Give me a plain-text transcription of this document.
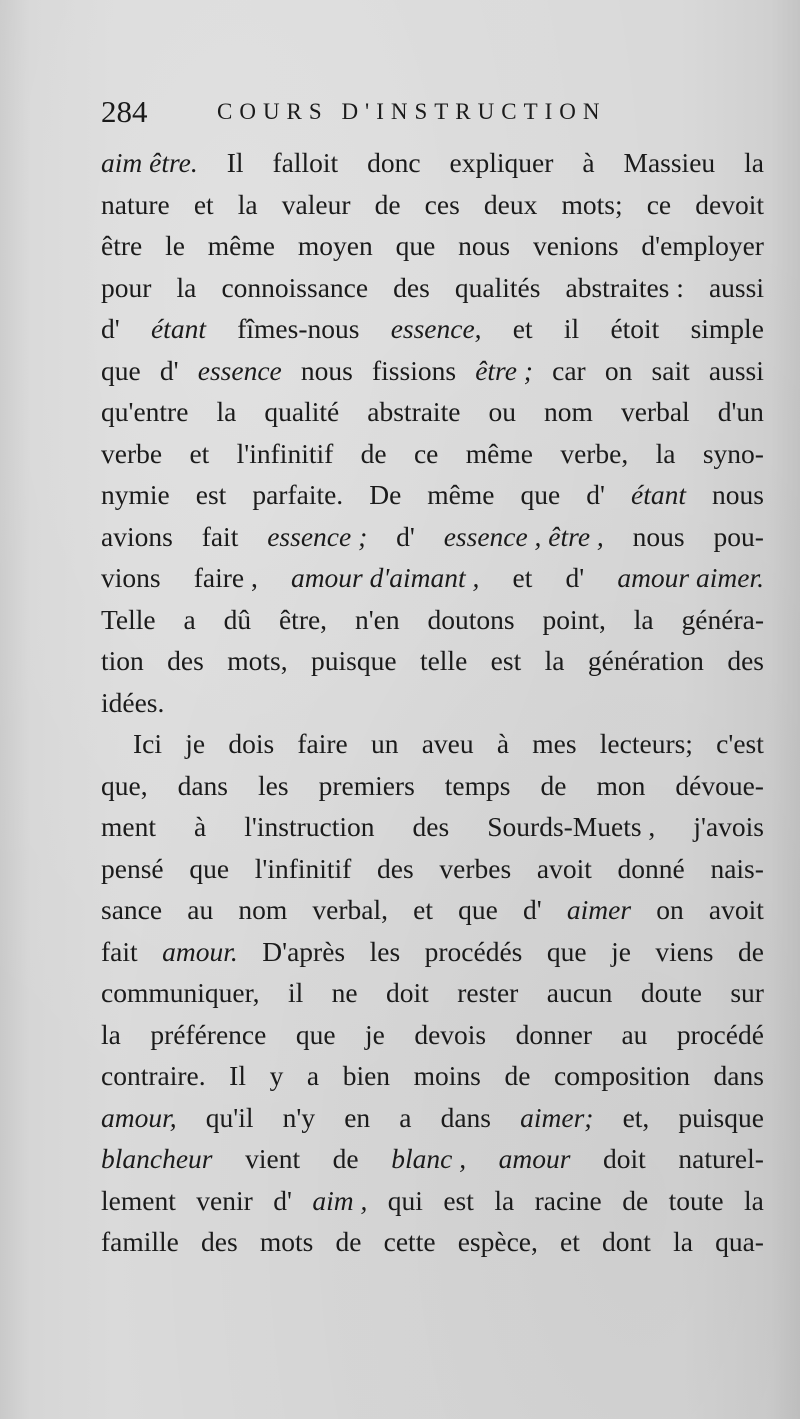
284	COURS D'INSTRUCTION
aim être. Il falloit donc expliquer à Massieu la
nature et la valeur de ces deux mots; ce devoit
être le même moyen que nous venions d'employer
pour la connoissance des qualités abstraites : aussi
d' étant fîmes-nous essence, et il étoit simple
que d' essence nous fissions être ; car on sait aussi
qu'entre la qualité abstraite ou nom verbal d'un
verbe et l'infinitif de ce même verbe, la syno-
nymie est parfaite. De même que d' étant nous
avions fait essence ; d' essence , être , nous pou-
vions faire , amour d'aimant , et d' amour aimer.
Telle a dû être, n'en doutons point, la généra-
tion des mots, puisque telle est la génération des
idées.
Ici je dois faire un aveu à mes lecteurs; c'est
que, dans les premiers temps de mon dévoue-
ment à l'instruction des Sourds-Muets , j'avois
pensé que l'infinitif des verbes avoit donné nais-
sance au nom verbal, et que d' aimer on avoit
fait amour. D'après les procédés que je viens de
communiquer, il ne doit rester aucun doute sur
la préférence que je devois donner au procédé
contraire. Il y a bien moins de composition dans
amour, qu'il n'y en a dans aimer; et, puisque
blancheur vient de blanc , amour doit naturel-
lement venir d' aim , qui est la racine de toute la
famille des mots de cette espèce, et dont la qua-
